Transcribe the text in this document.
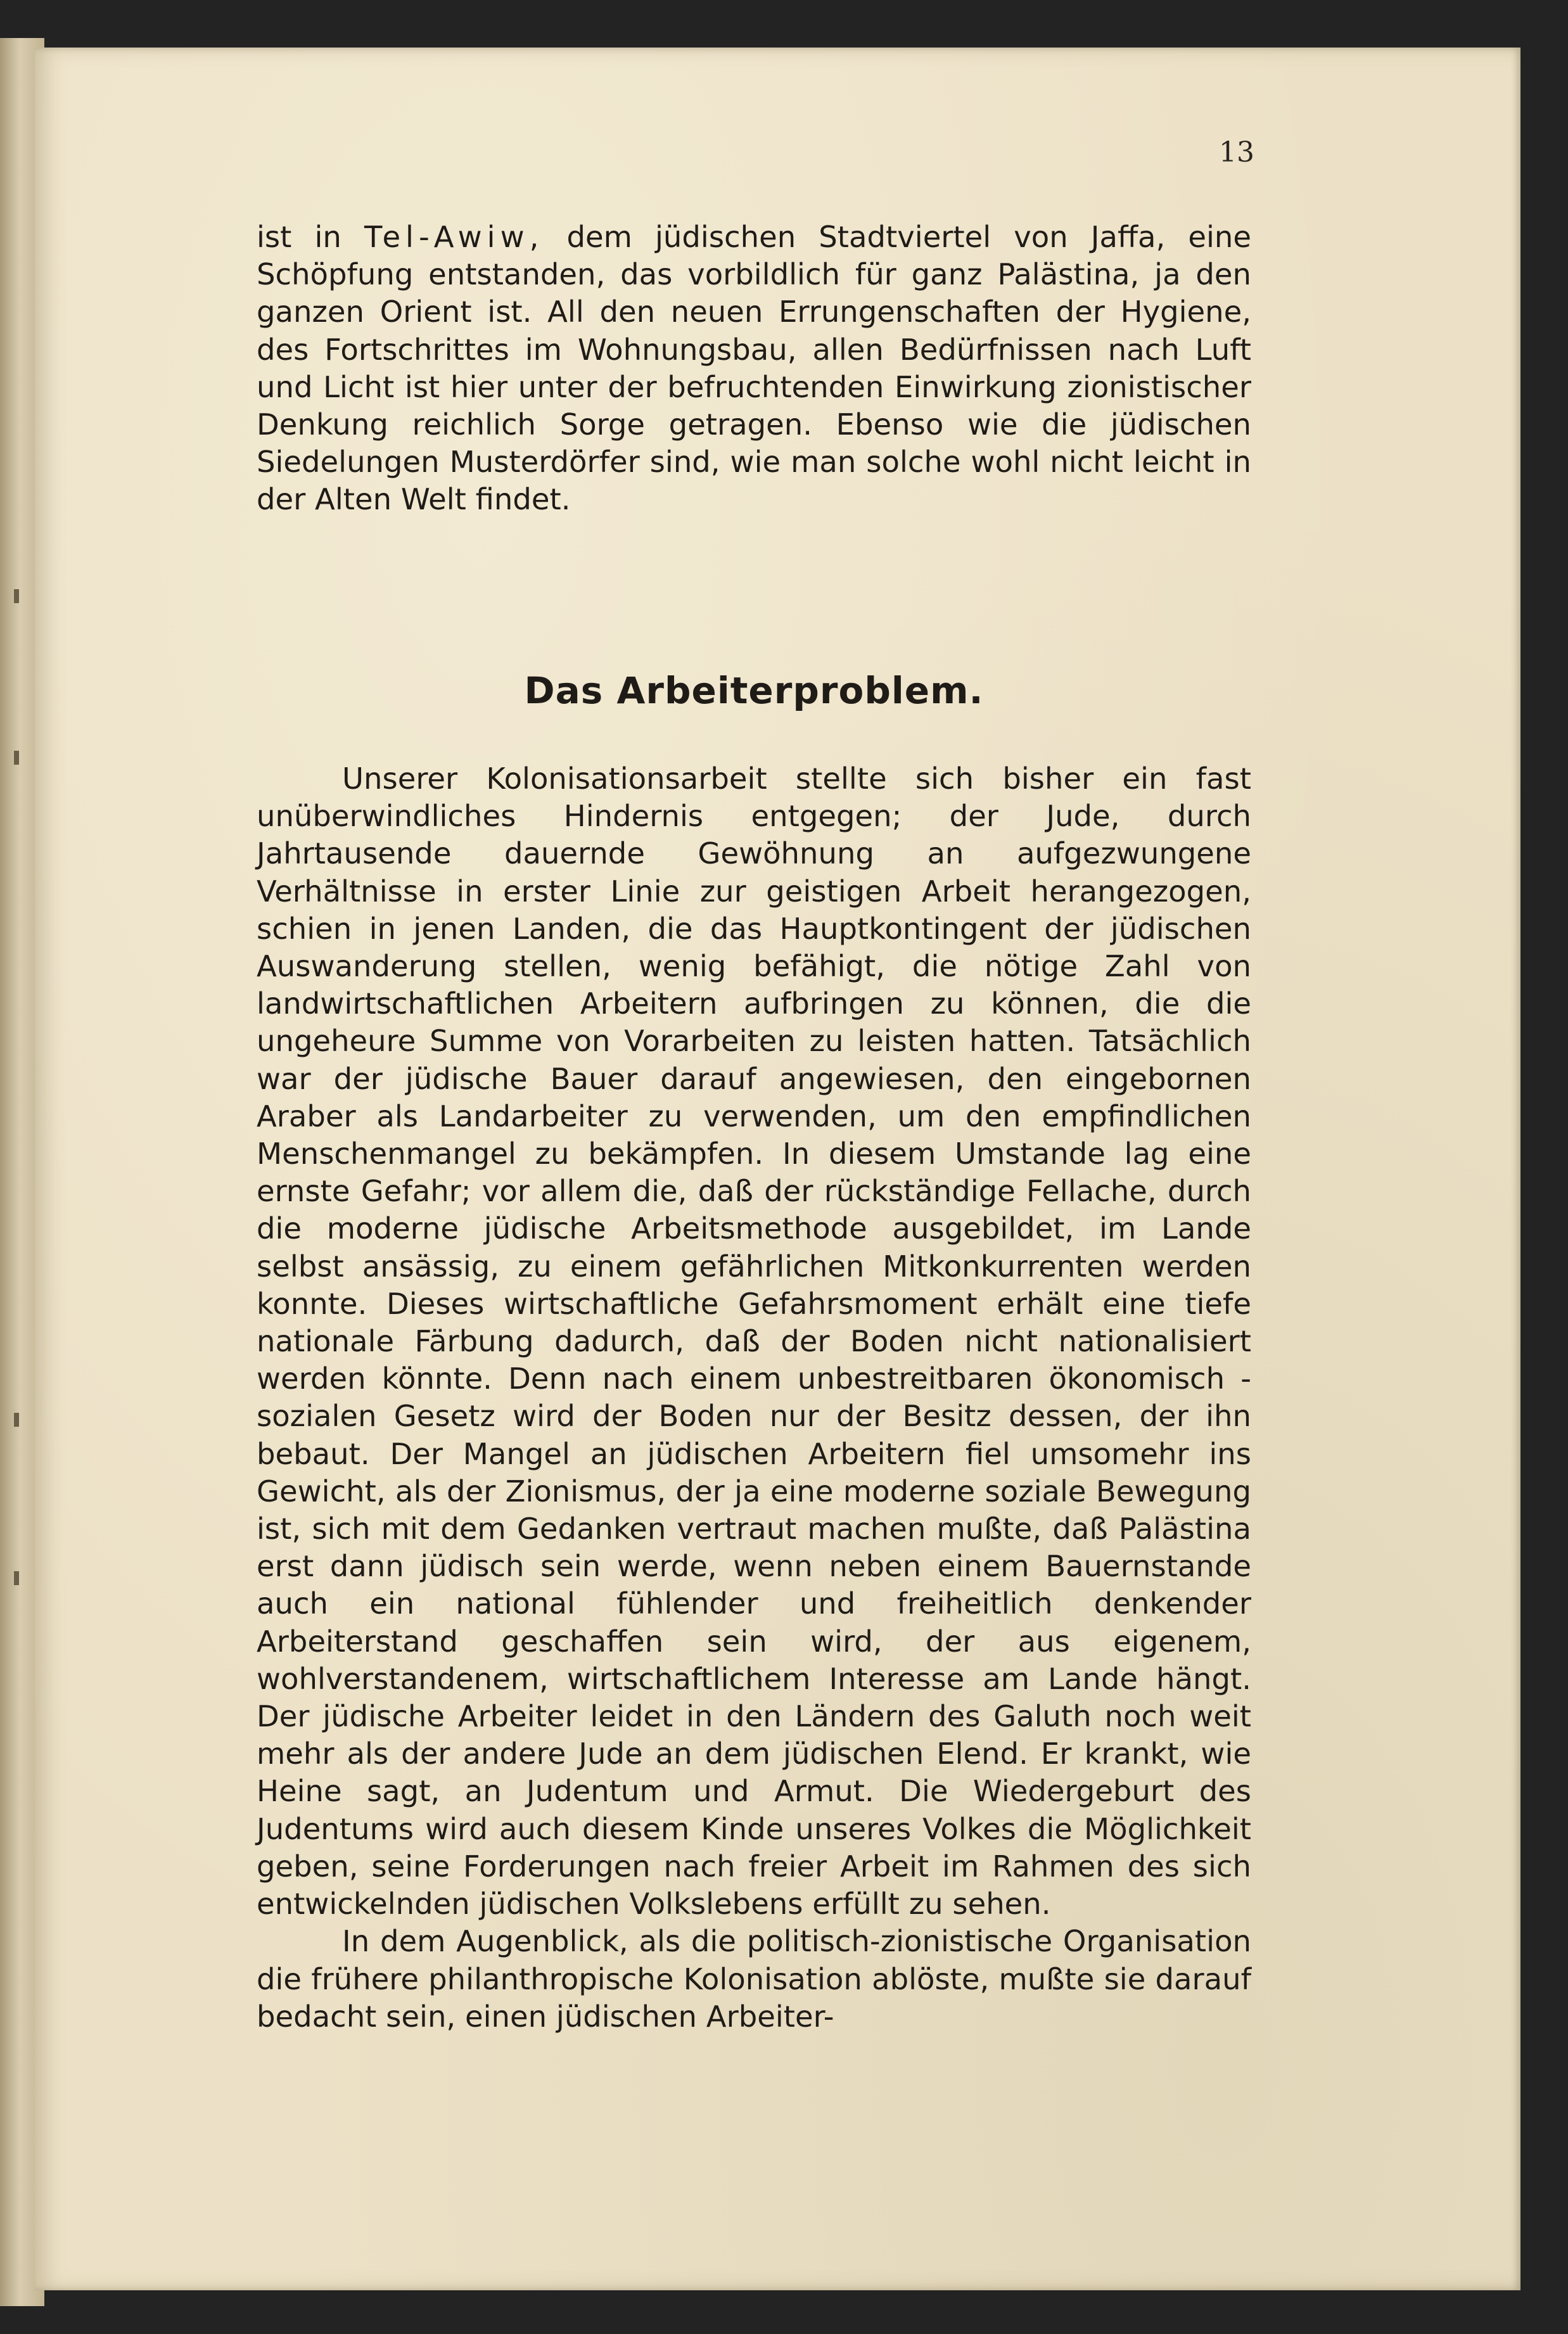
13

ist in Tel-Awiw, dem jüdischen Stadtviertel von Jaffa, eine Schöpfung entstanden, das vorbildlich für ganz Palästina, ja den ganzen Orient ist. All den neuen Errungenschaften der Hygiene, des Fortschrittes im Wohnungsbau, allen Bedürfnissen nach Luft und Licht ist hier unter der befruchtenden Einwirkung zionistischer Denkung reichlich Sorge getragen. Ebenso wie die jüdischen Siedelungen Musterdörfer sind, wie man solche wohl nicht leicht in der Alten Welt findet.

Das Arbeiterproblem.

Unserer Kolonisationsarbeit stellte sich bisher ein fast unüberwindliches Hindernis entgegen; der Jude, durch Jahrtausende dauernde Gewöhnung an aufgezwungene Verhältnisse in erster Linie zur geistigen Arbeit herangezogen, schien in jenen Landen, die das Hauptkontingent der jüdischen Auswanderung stellen, wenig befähigt, die nötige Zahl von landwirtschaftlichen Arbeitern aufbringen zu können, die die ungeheure Summe von Vorarbeiten zu leisten hatten. Tatsächlich war der jüdische Bauer darauf angewiesen, den eingebornen Araber als Landarbeiter zu verwenden, um den empfindlichen Menschenmangel zu bekämpfen. In diesem Umstande lag eine ernste Gefahr; vor allem die, daß der rückständige Fellache, durch die moderne jüdische Arbeitsmethode ausgebildet, im Lande selbst ansässig, zu einem gefährlichen Mitkonkurrenten werden konnte. Dieses wirtschaftliche Gefahrsmoment erhält eine tiefe nationale Färbung dadurch, daß der Boden nicht nationalisiert werden könnte. Denn nach einem unbestreitbaren ökonomisch - sozialen Gesetz wird der Boden nur der Besitz dessen, der ihn bebaut. Der Mangel an jüdischen Arbeitern fiel umsomehr ins Gewicht, als der Zionismus, der ja eine moderne soziale Bewegung ist, sich mit dem Gedanken vertraut machen mußte, daß Palästina erst dann jüdisch sein werde, wenn neben einem Bauernstande auch ein national fühlender und freiheitlich denkender Arbeiterstand geschaffen sein wird, der aus eigenem, wohlverstandenem, wirtschaftlichem Interesse am Lande hängt. Der jüdische Arbeiter leidet in den Ländern des Galuth noch weit mehr als der andere Jude an dem jüdischen Elend. Er krankt, wie Heine sagt, an Judentum und Armut. Die Wiedergeburt des Judentums wird auch diesem Kinde unseres Volkes die Möglichkeit geben, seine Forderungen nach freier Arbeit im Rahmen des sich entwickelnden jüdischen Volkslebens erfüllt zu sehen.

In dem Augenblick, als die politisch-zionistische Organisation die frühere philanthropische Kolonisation ablöste, mußte sie darauf bedacht sein, einen jüdischen Arbeiter-
